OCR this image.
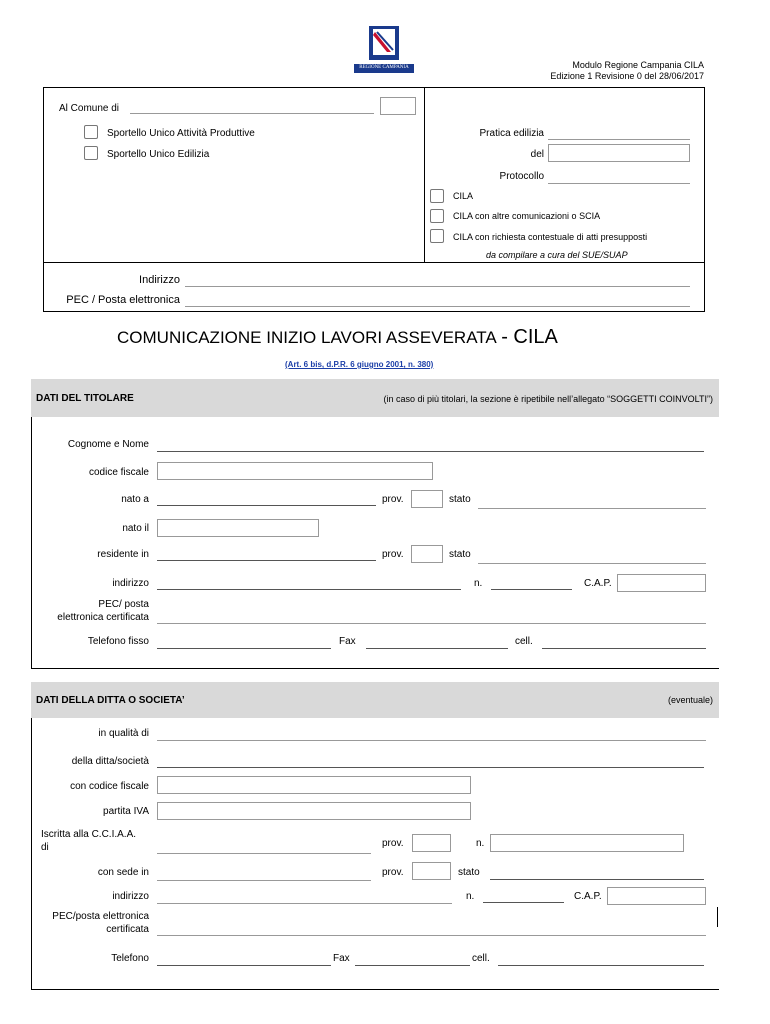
REGIONE CAMPANIA	Modulo Regione Campania CILA
Edizione 1 Revisione 0 del 28/06/2017
Al Comune di
Sportello Unico Attività Produttive
Sportello Unico Edilizia
Pratica edilizia
del
Protocollo
CILA
CILA con altre comunicazioni o SCIA
CILA con richiesta contestuale di atti presupposti
da compilare a cura del SUE/SUAP
Indirizzo
PEC / Posta elettronica
COMUNICAZIONE INIZIO LAVORI ASSEVERATA - CILA
(Art. 6 bis, d.P.R. 6 giugno 2001, n. 380)
DATI DEL TITOLARE	(in caso di più titolari, la sezione è ripetibile nell’allegato “SOGGETTI COINVOLTI”)
Cognome e Nome
codice fiscale
nato a	prov.	stato
nato il
residente in	prov.	stato
indirizzo	n.	C.A.P.
PEC/ posta
elettronica certificata
Telefono fisso	Fax	cell.
DATI DELLA DITTA O SOCIETA’	(eventuale)
in qualità di
della ditta/società
con codice fiscale
partita IVA
Iscritta alla C.C.I.A.A.
di	prov.	n.
con sede in	prov.	stato
indirizzo	n.	C.A.P.
PEC/posta elettronica
certificata
Telefono	Fax	cell.
